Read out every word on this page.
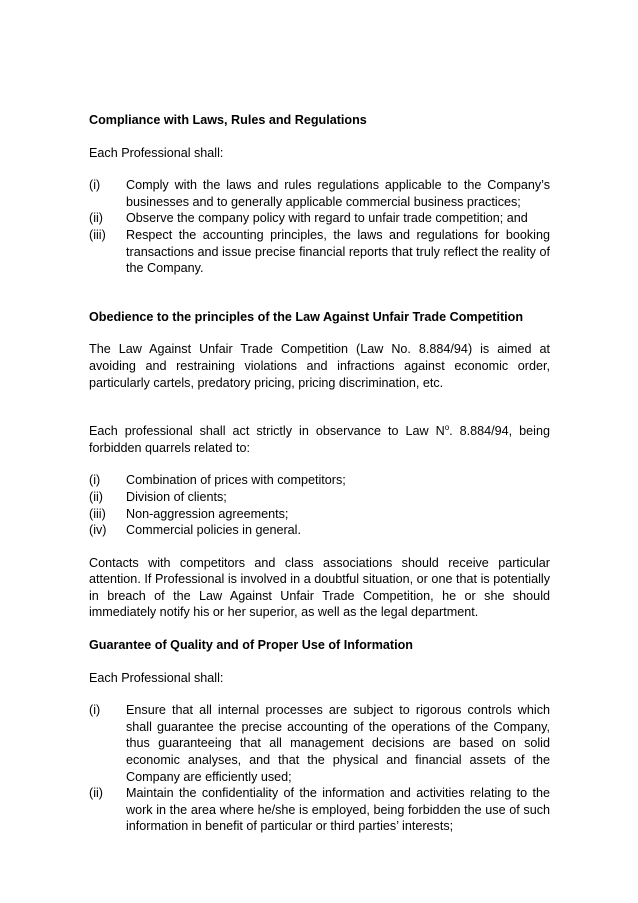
Compliance with Laws, Rules and Regulations

Each Professional shall:

(i)	Comply with the laws and rules regulations applicable to the Company’s businesses and to generally applicable commercial business practices;
(ii)	Observe the company policy with regard to unfair trade competition; and
(iii)	Respect the accounting principles, the laws and regulations for booking transactions and issue precise financial reports that truly reflect the reality of the Company.

Obedience to the principles of the Law Against Unfair Trade Competition

The Law Against Unfair Trade Competition (Law No. 8.884/94) is aimed at avoiding and restraining violations and infractions against economic order, particularly cartels, predatory pricing, pricing discrimination, etc.

Each professional shall act strictly in observance to Law $N^o$. 8.884/94, being forbidden quarrels related to:

(i)	Combination of prices with competitors;
(ii)	Division of clients;
(iii)	Non-aggression agreements;
(iv)	Commercial policies in general.

Contacts with competitors and class associations should receive particular attention. If Professional is involved in a doubtful situation, or one that is potentially in breach of the Law Against Unfair Trade Competition, he or she should immediately notify his or her superior, as well as the legal department.

Guarantee of Quality and of Proper Use of Information

Each Professional shall:

(i)	Ensure that all internal processes are subject to rigorous controls which shall guarantee the precise accounting of the operations of the Company, thus guaranteeing that all management decisions are based on solid economic analyses, and that the physical and financial assets of the Company are efficiently used;
(ii)	Maintain the confidentiality of the information and activities relating to the work in the area where he/she is employed, being forbidden the use of such information in benefit of particular or third parties’ interests;
